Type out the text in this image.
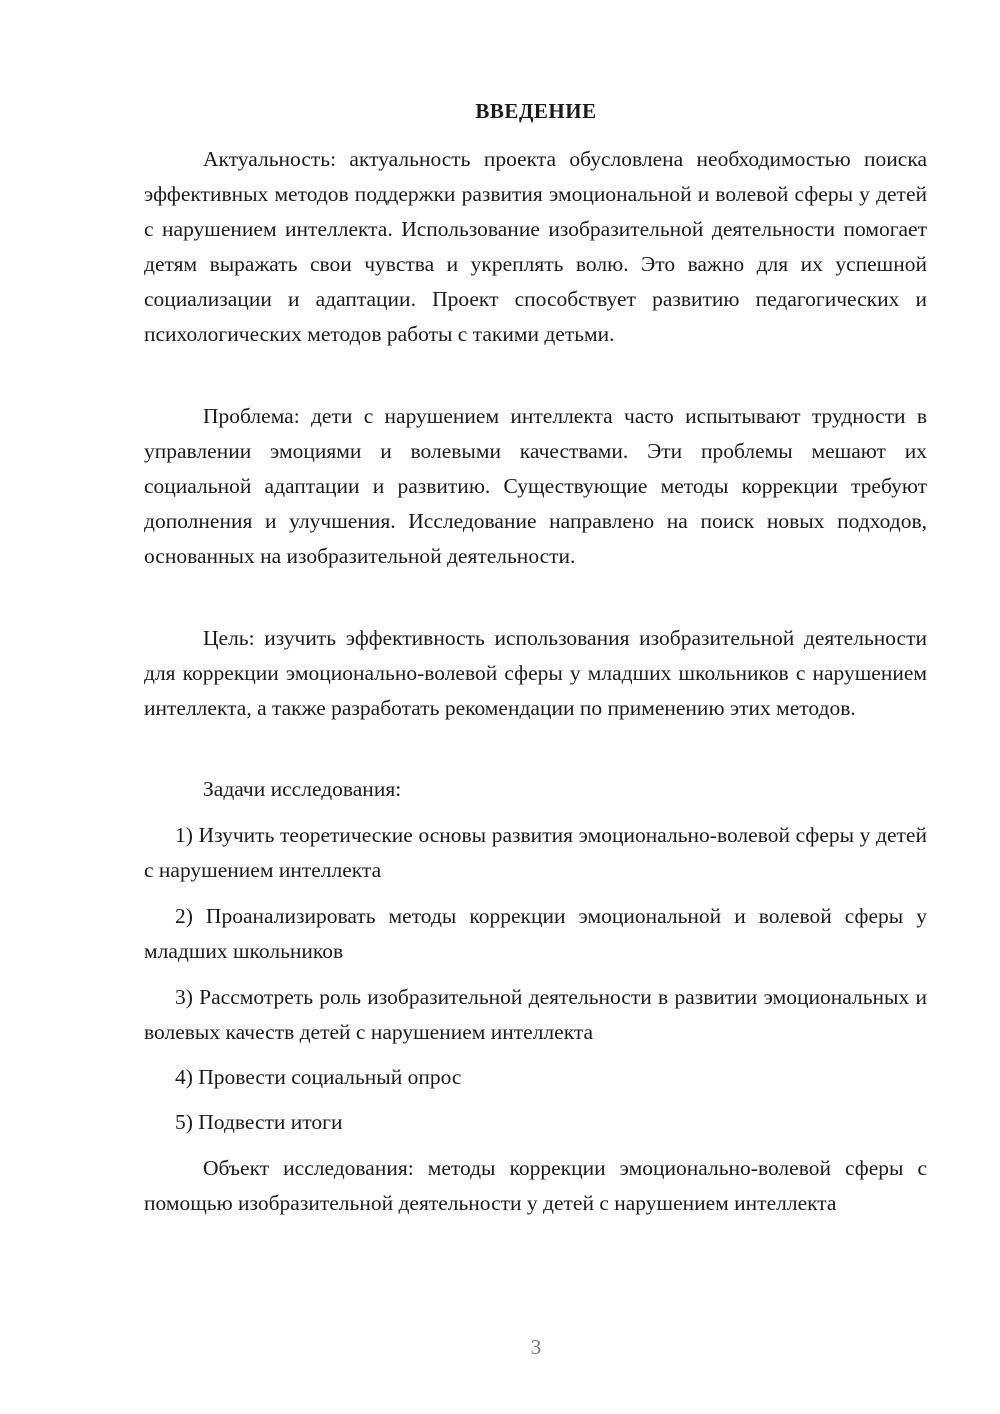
ВВЕДЕНИЕ

Актуальность: актуальность проекта обусловлена необходимостью поиска эффективных методов поддержки развития эмоциональной и волевой сферы у детей с нарушением интеллекта. Использование изобразительной деятельности помогает детям выражать свои чувства и укреплять волю. Это важно для их успешной социализации и адаптации. Проект способствует развитию педагогических и психологических методов работы с такими детьми.

Проблема: дети с нарушением интеллекта часто испытывают трудности в управлении эмоциями и волевыми качествами. Эти проблемы мешают их социальной адаптации и развитию. Существующие методы коррекции требуют дополнения и улучшения. Исследование направлено на поиск новых подходов, основанных на изобразительной деятельности.

Цель: изучить эффективность использования изобразительной деятельности для коррекции эмоционально-волевой сферы у младших школьников с нарушением интеллекта, а также разработать рекомендации по применению этих методов.

Задачи исследования:

1) Изучить теоретические основы развития эмоционально-волевой сферы у детей с нарушением интеллекта

2) Проанализировать методы коррекции эмоциональной и волевой сферы у младших школьников

3) Рассмотреть роль изобразительной деятельности в развитии эмоциональных и волевых качеств детей с нарушением интеллекта

4) Провести социальный опрос

5) Подвести итоги

Объект исследования: методы коррекции эмоционально-волевой сферы с помощью изобразительной деятельности у детей с нарушением интеллекта

3
